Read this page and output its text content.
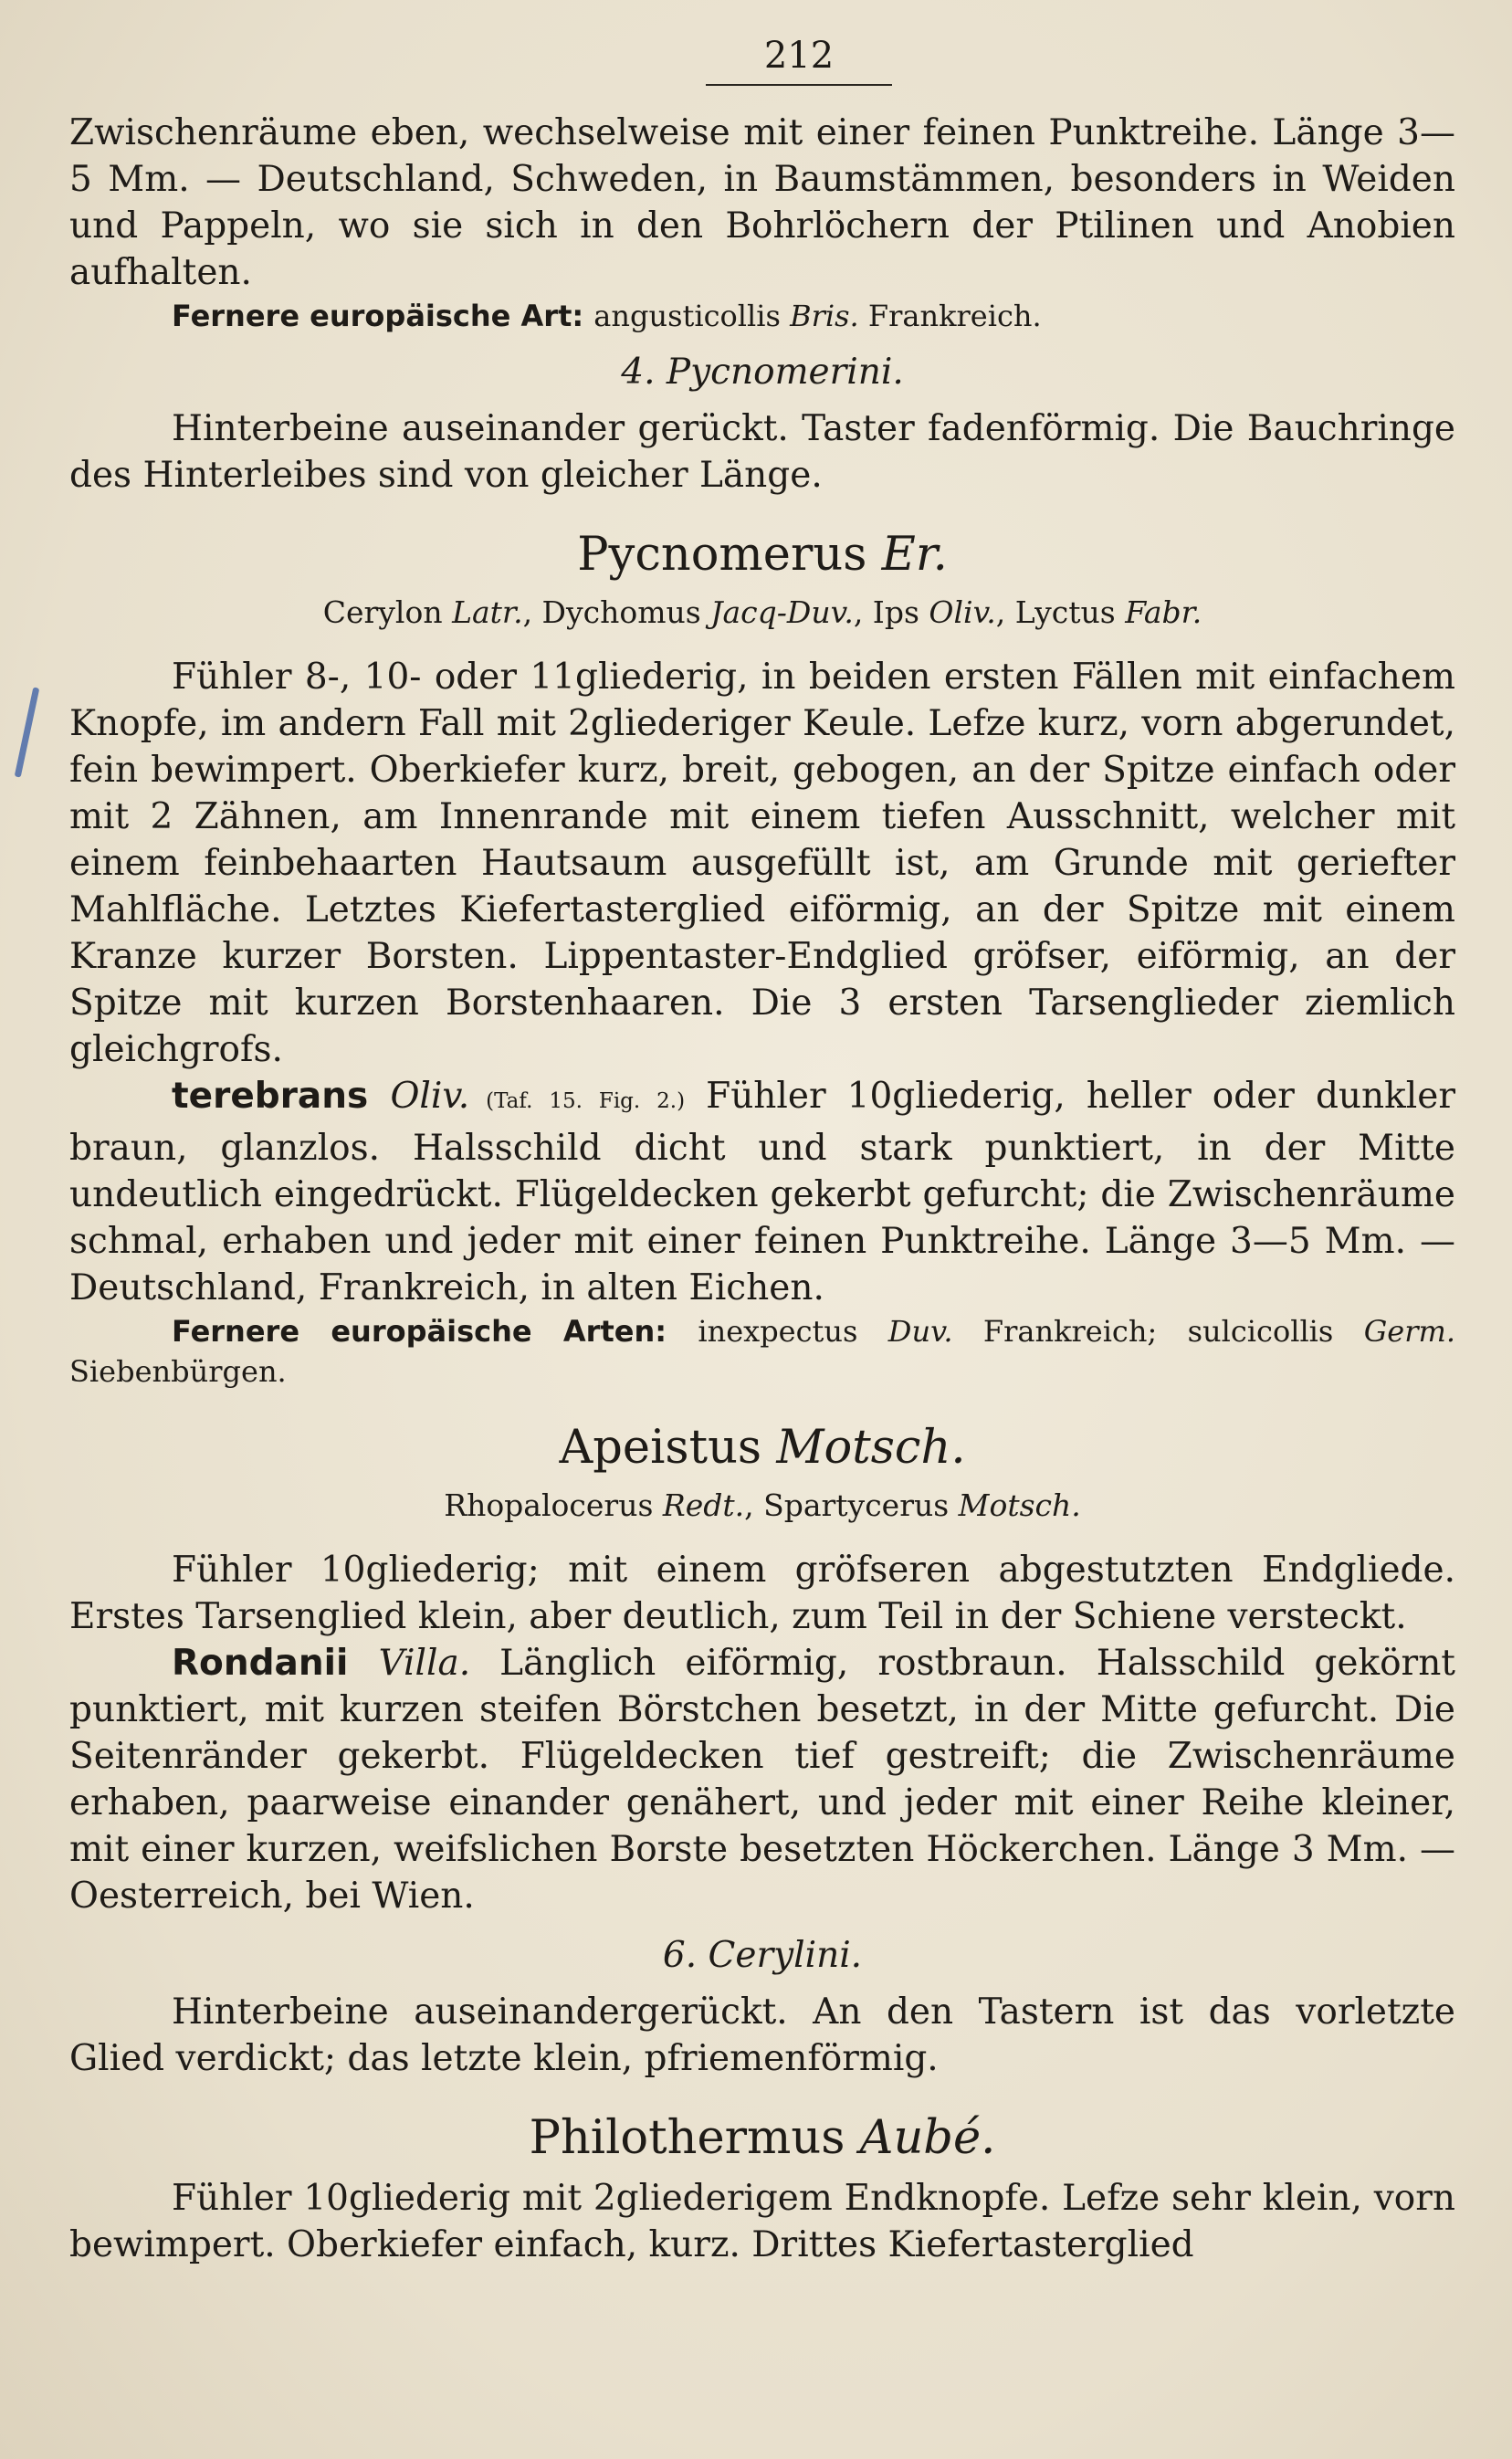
212

Zwischenräume eben, wechselweise mit einer feinen Punktreihe. Länge 3—5 Mm. — Deutschland, Schweden, in Baumstämmen, besonders in Weiden und Pappeln, wo sie sich in den Bohrlöchern der Ptilinen und Anobien aufhalten.

Fernere europäische Art: angusticollis Bris. Frankreich.

4. Pycnomerini.

Hinterbeine auseinander gerückt. Taster fadenförmig. Die Bauchringe des Hinterleibes sind von gleicher Länge.

Pycnomerus Er.
Cerylon Latr., Dychomus Jacq-Duv., Ips Oliv., Lyctus Fabr.

Fühler 8-, 10- oder 11gliederig, in beiden ersten Fällen mit einfachem Knopfe, im andern Fall mit 2gliederiger Keule. Lefze kurz, vorn abgerundet, fein bewimpert. Oberkiefer kurz, breit, gebogen, an der Spitze einfach oder mit 2 Zähnen, am Innenrande mit einem tiefen Ausschnitt, welcher mit einem feinbehaarten Hautsaum ausgefüllt ist, am Grunde mit geriefter Mahlfläche. Letztes Kiefertasterglied eiförmig, an der Spitze mit einem Kranze kurzer Borsten. Lippentaster-Endglied gröfser, eiförmig, an der Spitze mit kurzen Borstenhaaren. Die 3 ersten Tarsenglieder ziemlich gleichgrofs.

terebrans Oliv. (Taf. 15. Fig. 2.) Fühler 10gliederig, heller oder dunkler braun, glanzlos. Halsschild dicht und stark punktiert, in der Mitte undeutlich eingedrückt. Flügeldecken gekerbt gefurcht; die Zwischenräume schmal, erhaben und jeder mit einer feinen Punktreihe. Länge 3—5 Mm. — Deutschland, Frankreich, in alten Eichen.

Fernere europäische Arten: inexpectus Duv. Frankreich; sulcicollis Germ. Siebenbürgen.

Apeistus Motsch.
Rhopalocerus Redt., Spartycerus Motsch.

Fühler 10gliederig; mit einem gröfseren abgestutzten Endgliede. Erstes Tarsenglied klein, aber deutlich, zum Teil in der Schiene versteckt.

Rondanii Villa. Länglich eiförmig, rostbraun. Halsschild gekörnt punktiert, mit kurzen steifen Börstchen besetzt, in der Mitte gefurcht. Die Seitenränder gekerbt. Flügeldecken tief gestreift; die Zwischenräume erhaben, paarweise einander genähert, und jeder mit einer Reihe kleiner, mit einer kurzen, weifslichen Borste besetzten Höckerchen. Länge 3 Mm. — Oesterreich, bei Wien.

6. Cerylini.

Hinterbeine auseinandergerückt. An den Tastern ist das vorletzte Glied verdickt; das letzte klein, pfriemenförmig.

Philothermus Aubé.

Fühler 10gliederig mit 2gliederigem Endknopfe. Lefze sehr klein, vorn bewimpert. Oberkiefer einfach, kurz. Drittes Kiefertasterglied
